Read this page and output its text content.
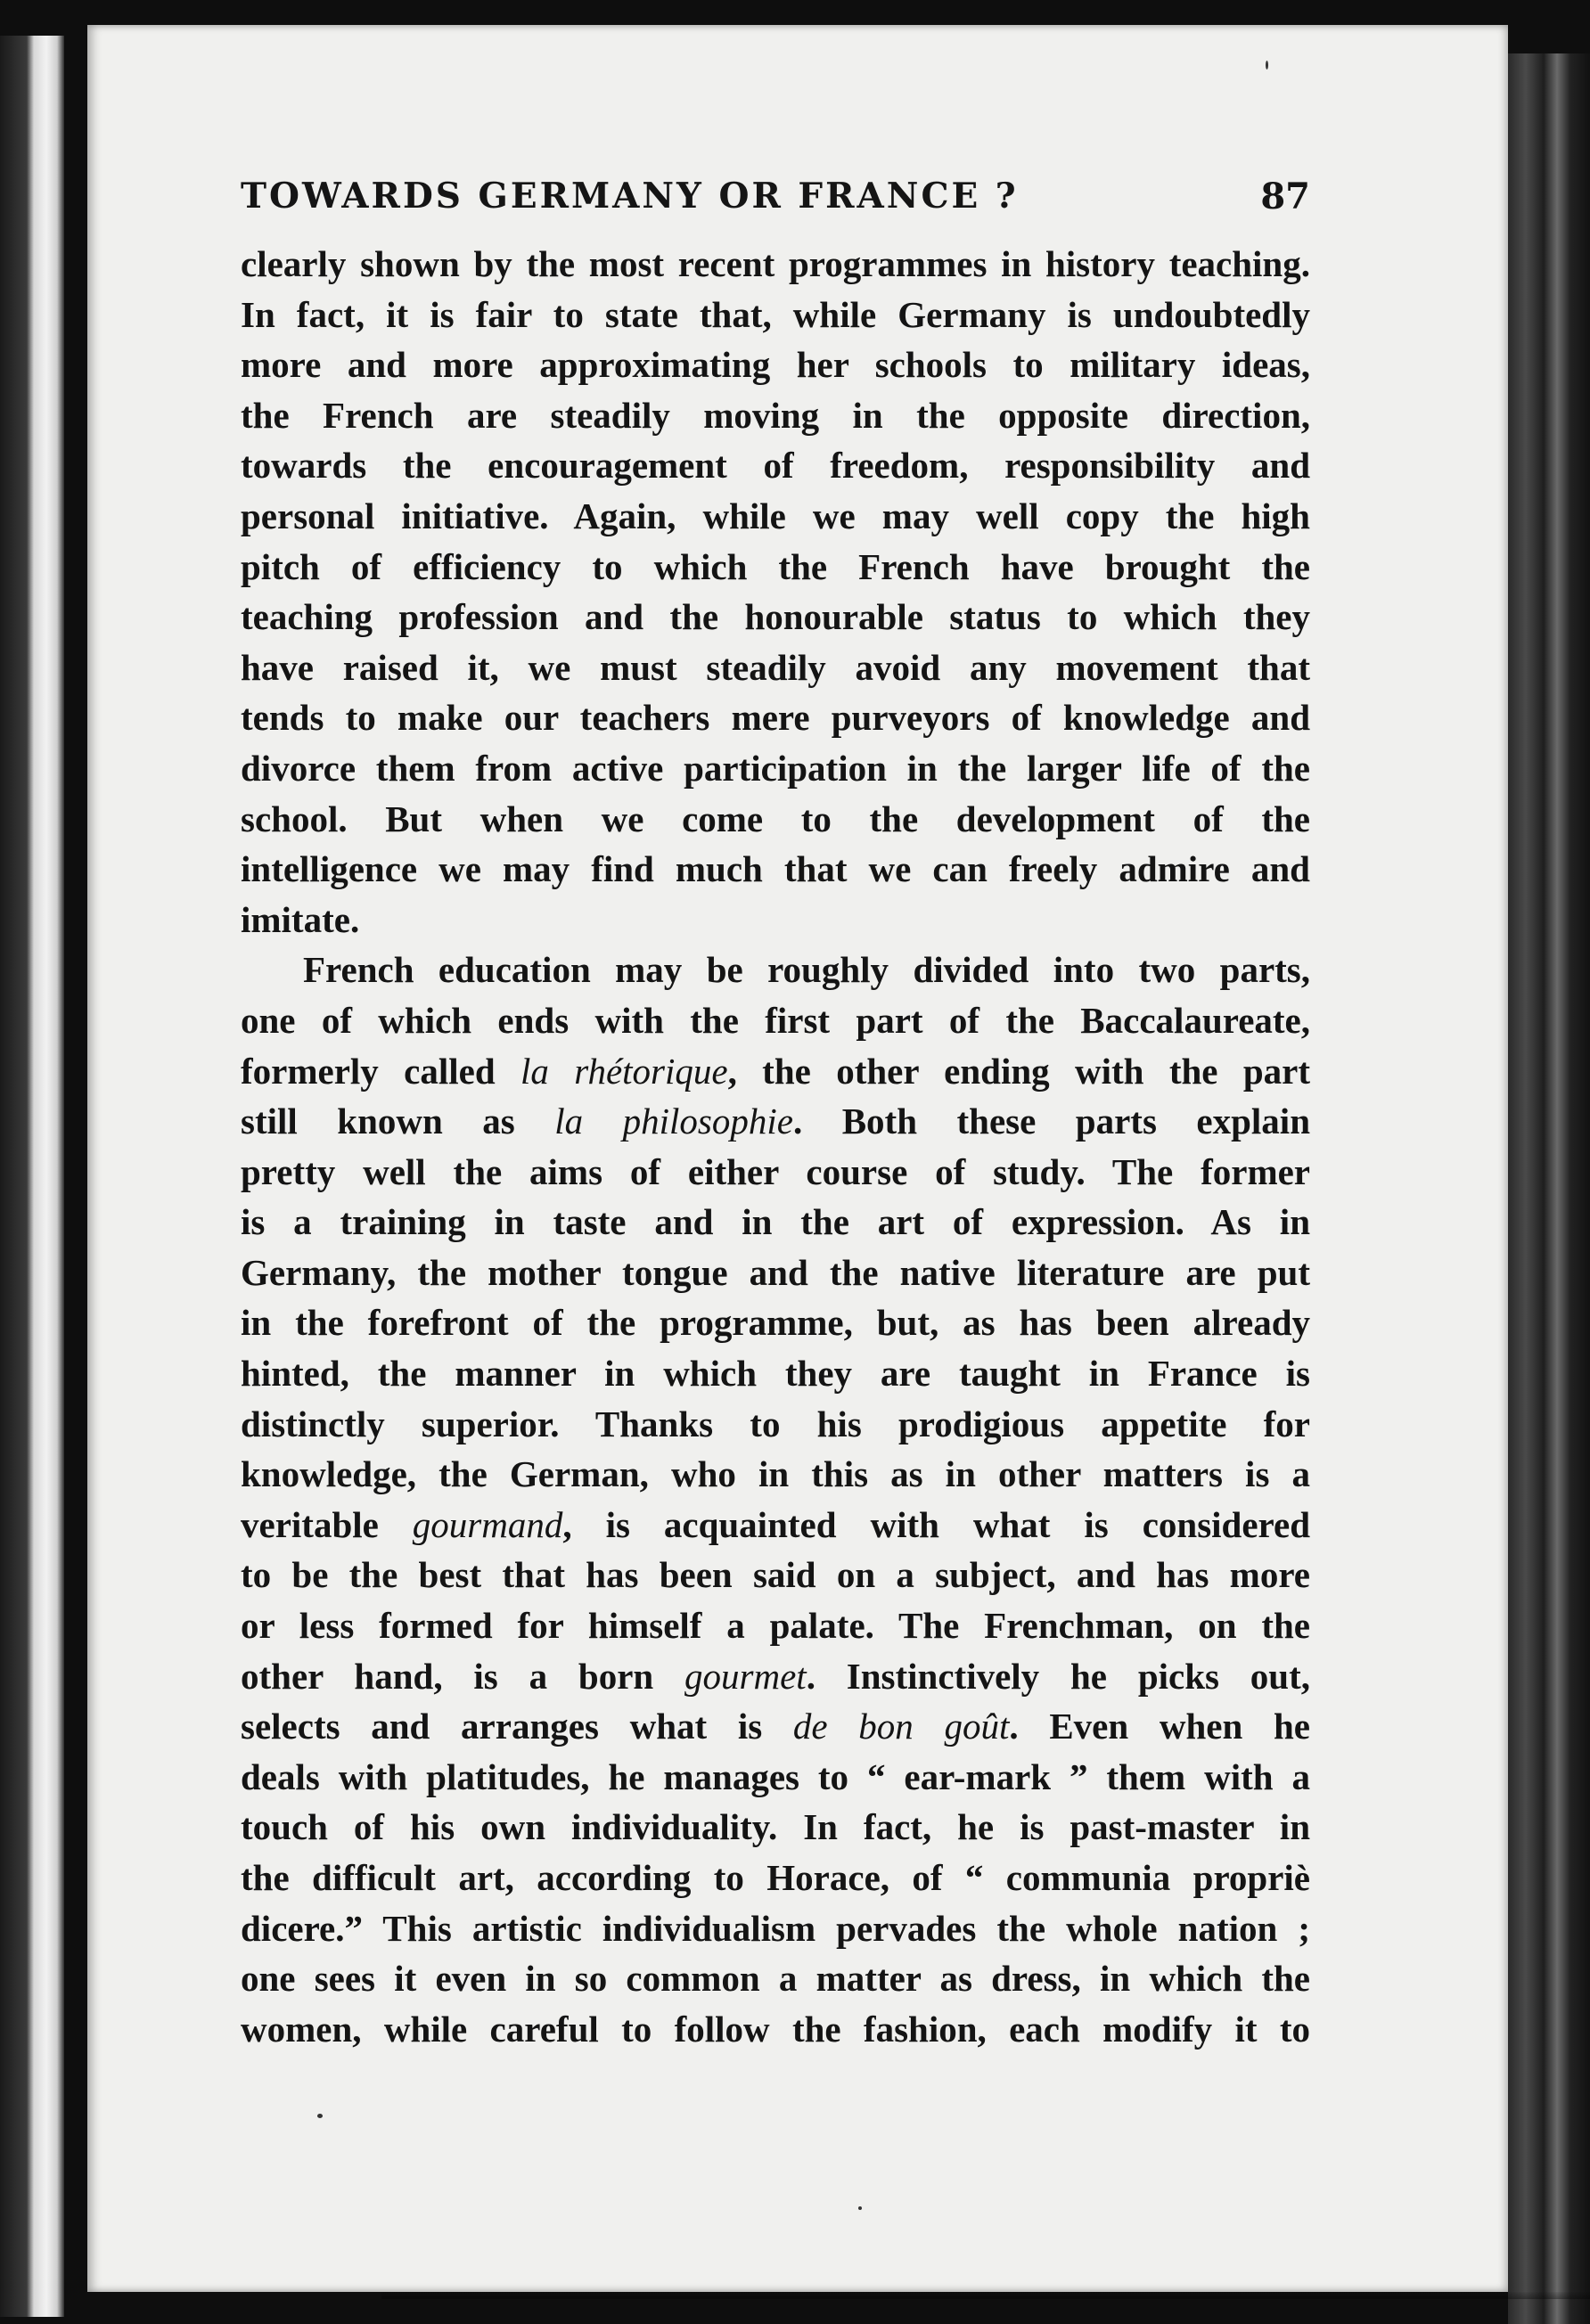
TOWARDS GERMANY OR FRANCE ?	87
clearly shown by the most recent programmes in history teaching.
In fact, it is fair to state that, while Germany is undoubtedly
more and more approximating her schools to military ideas,
the French are steadily moving in the opposite direction,
towards the encouragement of freedom, responsibility and
personal initiative. Again, while we may well copy the high
pitch of efficiency to which the French have brought the
teaching profession and the honourable status to which they
have raised it, we must steadily avoid any movement that
tends to make our teachers mere purveyors of knowledge and
divorce them from active participation in the larger life of the
school. But when we come to the development of the
intelligence we may find much that we can freely admire and
imitate.
French education may be roughly divided into two parts,
one of which ends with the first part of the Baccalaureate,
formerly called la rhétorique, the other ending with the part
still known as la philosophie. Both these parts explain
pretty well the aims of either course of study. The former
is a training in taste and in the art of expression. As in
Germany, the mother tongue and the native literature are put
in the forefront of the programme, but, as has been already
hinted, the manner in which they are taught in France is
distinctly superior. Thanks to his prodigious appetite for
knowledge, the German, who in this as in other matters is a
veritable gourmand, is acquainted with what is considered
to be the best that has been said on a subject, and has more
or less formed for himself a palate. The Frenchman, on the
other hand, is a born gourmet. Instinctively he picks out,
selects and arranges what is de bon goût. Even when he
deals with platitudes, he manages to “ ear-mark ” them with a
touch of his own individuality. In fact, he is past-master in
the difficult art, according to Horace, of “ communia propriè
dicere.” This artistic individualism pervades the whole nation ;
one sees it even in so common a matter as dress, in which the
women, while careful to follow the fashion, each modify it to
